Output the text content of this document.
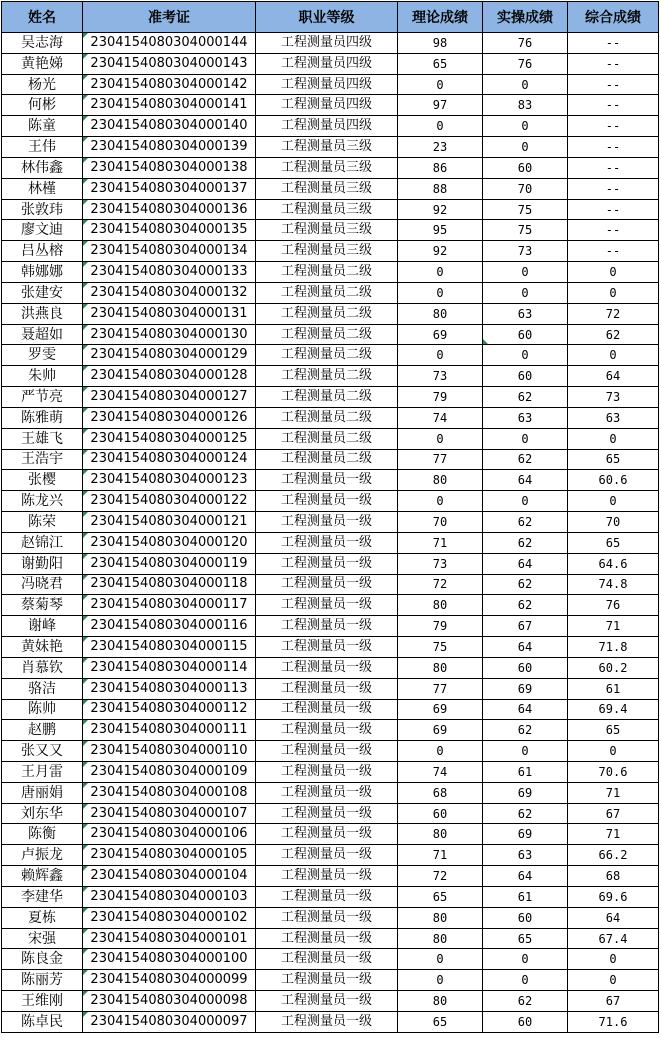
姓名	准考证	职业等级	理论成绩	实操成绩	综合成绩
吴志海	2304154080304000144	工程测量员四级	98	76	--
黄艳娣	2304154080304000143	工程测量员四级	65	76	--
杨光	2304154080304000142	工程测量员四级	0	0	--
何彬	2304154080304000141	工程测量员四级	97	83	--
陈童	2304154080304000140	工程测量员四级	0	0	--
王伟	2304154080304000139	工程测量员三级	23	0	--
林伟鑫	2304154080304000138	工程测量员三级	86	60	--
林槿	2304154080304000137	工程测量员三级	88	70	--
张敦玮	2304154080304000136	工程测量员三级	92	75	--
廖文迪	2304154080304000135	工程测量员三级	95	75	--
吕丛榕	2304154080304000134	工程测量员三级	92	73	--
韩娜娜	2304154080304000133	工程测量员二级	0	0	0
张建安	2304154080304000132	工程测量员二级	0	0	0
洪燕良	2304154080304000131	工程测量员二级	80	63	72
聂超如	2304154080304000130	工程测量员二级	69	60	62
罗雯	2304154080304000129	工程测量员二级	0	0	0
朱帅	2304154080304000128	工程测量员二级	73	60	64
严节亮	2304154080304000127	工程测量员二级	79	62	73
陈雅萌	2304154080304000126	工程测量员二级	74	63	63
王雄飞	2304154080304000125	工程测量员二级	0	0	0
王浩宇	2304154080304000124	工程测量员二级	77	62	65
张樱	2304154080304000123	工程测量员一级	80	64	60.6
陈龙兴	2304154080304000122	工程测量员一级	0	0	0
陈荣	2304154080304000121	工程测量员一级	70	62	70
赵锦江	2304154080304000120	工程测量员一级	71	62	65
谢勤阳	2304154080304000119	工程测量员一级	73	64	64.6
冯晓君	2304154080304000118	工程测量员一级	72	62	74.8
蔡菊琴	2304154080304000117	工程测量员一级	80	62	76
谢峰	2304154080304000116	工程测量员一级	79	67	71
黄妹艳	2304154080304000115	工程测量员一级	75	64	71.8
肖慕钦	2304154080304000114	工程测量员一级	80	60	60.2
骆洁	2304154080304000113	工程测量员一级	77	69	61
陈帅	2304154080304000112	工程测量员一级	69	64	69.4
赵鹏	2304154080304000111	工程测量员一级	69	62	65
张又又	2304154080304000110	工程测量员一级	0	0	0
王月雷	2304154080304000109	工程测量员一级	74	61	70.6
唐丽娟	2304154080304000108	工程测量员一级	68	69	71
刘东华	2304154080304000107	工程测量员一级	60	62	67
陈衡	2304154080304000106	工程测量员一级	80	69	71
卢振龙	2304154080304000105	工程测量员一级	71	63	66.2
赖辉鑫	2304154080304000104	工程测量员一级	72	64	68
李建华	2304154080304000103	工程测量员一级	65	61	69.6
夏栋	2304154080304000102	工程测量员一级	80	60	64
宋强	2304154080304000101	工程测量员一级	80	65	67.4
陈良金	2304154080304000100	工程测量员一级	0	0	0
陈丽芳	2304154080304000099	工程测量员一级	0	0	0
王维刚	2304154080304000098	工程测量员一级	80	62	67
陈卓民	2304154080304000097	工程测量员一级	65	60	71.6
